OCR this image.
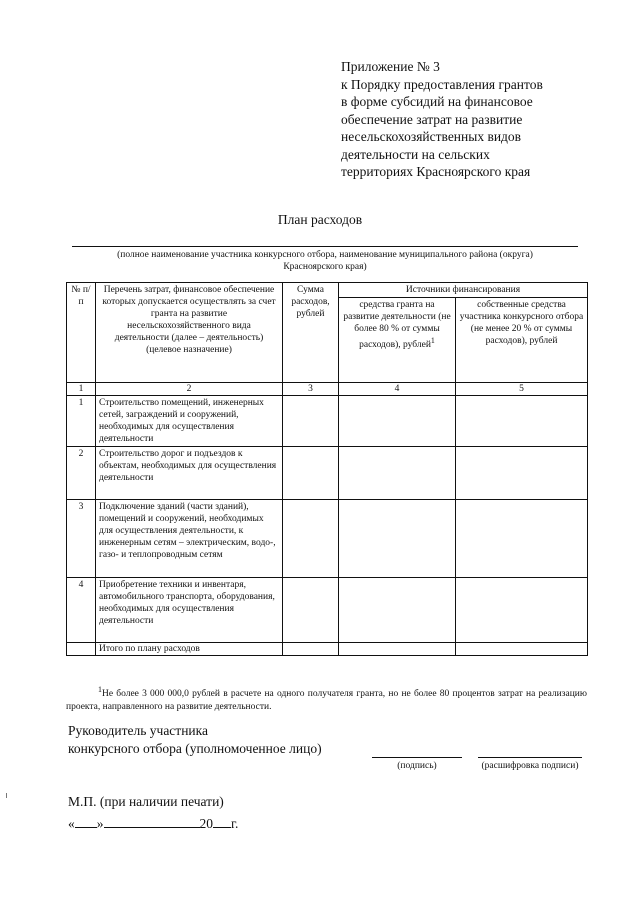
Приложение № 3
к Порядку предоставления грантов
в форме субсидий на финансовое
обеспечение затрат на развитие
несельскохозяйственных видов
деятельности на сельских
территориях Красноярского края
План расходов
(полное наименование участника конкурсного отбора, наименование муниципального района (округа) Красноярского края)
№ п/п	Перечень затрат, финансовое обеспечение которых допускается осуществлять за счет гранта на развитие несельскохозяйственного вида деятельности (далее – деятельность) (целевое назначение)	Сумма расходов, рублей	Источники финансирования	
			средства гранта на развитие деятельности (не более 80 % от суммы расходов), рублей$^1$	собственные средства участника конкурсного отбора (не менее 20 % от суммы расходов), рублей
1	2	3	4	5
1	Строительство помещений, инженерных сетей, заграждений и сооружений, необходимых для осуществления деятельности			
2	Строительство дорог и подъездов к объектам, необходимых для осуществления деятельности			
3	Подключение зданий (части зданий), помещений и сооружений, необходимых для осуществления деятельности, к инженерным сетям – электрическим, водо-, газо- и теплопроводным сетям			
4	Приобретение техники и инвентаря, автомобильного транспорта, оборудования, необходимых для осуществления деятельности			
	Итого по плану расходов			
$^1$Не более 3 000 000,0 рублей в расчете на одного получателя гранта, но не более 80 процентов затрат на реализацию проекта, направленного на развитие деятельности.
Руководитель участника
конкурсного отбора (уполномоченное лицо)
(подпись)	(расшифровка подписи)
М.П. (при наличии печати)
« »	20 г.
